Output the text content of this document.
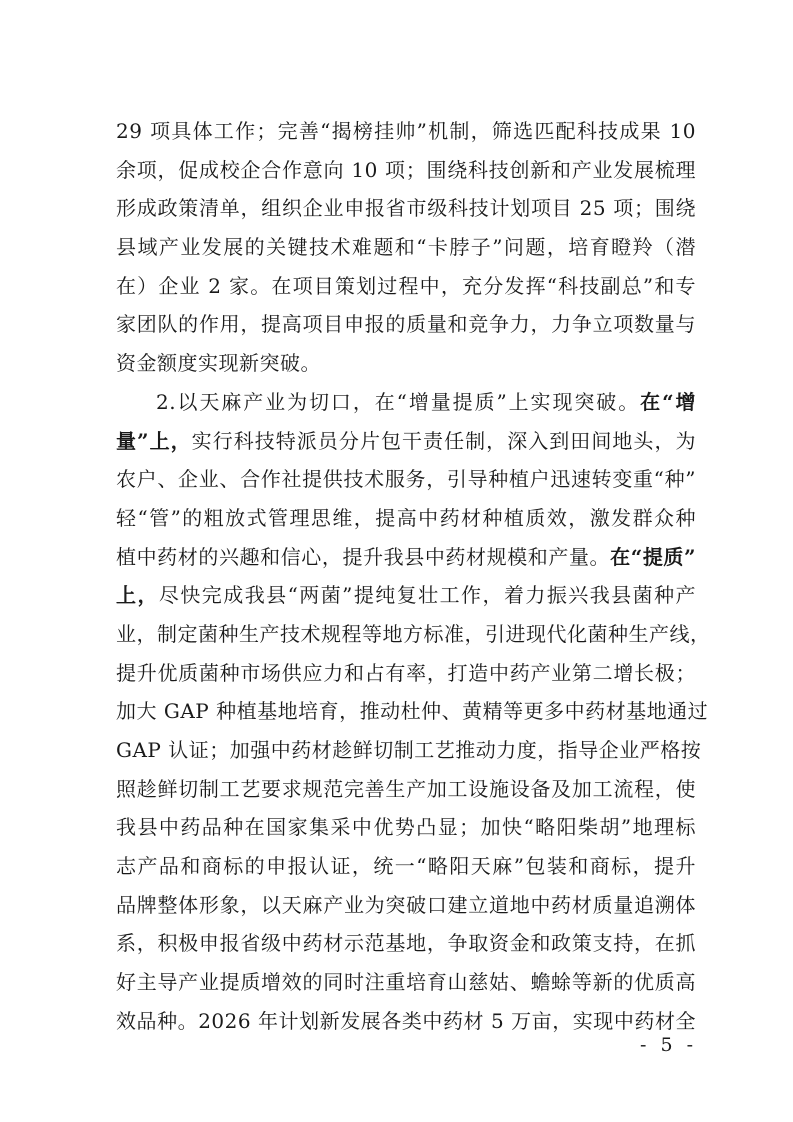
29 项具体工作；完善“揭榜挂帅”机制，筛选匹配科技成果 10
余项，促成校企合作意向 10 项；围绕科技创新和产业发展梳理
形成政策清单，组织企业申报省市级科技计划项目 25 项；围绕
县域产业发展的关键技术难题和“卡脖子”问题，培育瞪羚（潜
在）企业 2 家。在项目策划过程中，充分发挥“科技副总”和专
家团队的作用，提高项目申报的质量和竞争力，力争立项数量与
资金额度实现新突破。
2.以天麻产业为切口，在“增量提质”上实现突破。在“增
量”上，实行科技特派员分片包干责任制，深入到田间地头，为
农户、企业、合作社提供技术服务，引导种植户迅速转变重“种”
轻“管”的粗放式管理思维，提高中药材种植质效，激发群众种
植中药材的兴趣和信心，提升我县中药材规模和产量。在“提质”
上，尽快完成我县“两菌”提纯复壮工作，着力振兴我县菌种产
业，制定菌种生产技术规程等地方标准，引进现代化菌种生产线，
提升优质菌种市场供应力和占有率，打造中药产业第二增长极；
加大 GAP 种植基地培育，推动杜仲、黄精等更多中药材基地通过
GAP 认证；加强中药材趁鲜切制工艺推动力度，指导企业严格按
照趁鲜切制工艺要求规范完善生产加工设施设备及加工流程，使
我县中药品种在国家集采中优势凸显；加快“略阳柴胡”地理标
志产品和商标的申报认证，统一“略阳天麻”包装和商标，提升
品牌整体形象，以天麻产业为突破口建立道地中药材质量追溯体
系，积极申报省级中药材示范基地，争取资金和政策支持，在抓
好主导产业提质增效的同时注重培育山慈姑、蟾蜍等新的优质高
效品种。2026 年计划新发展各类中药材 5 万亩，实现中药材全
- 5 -
